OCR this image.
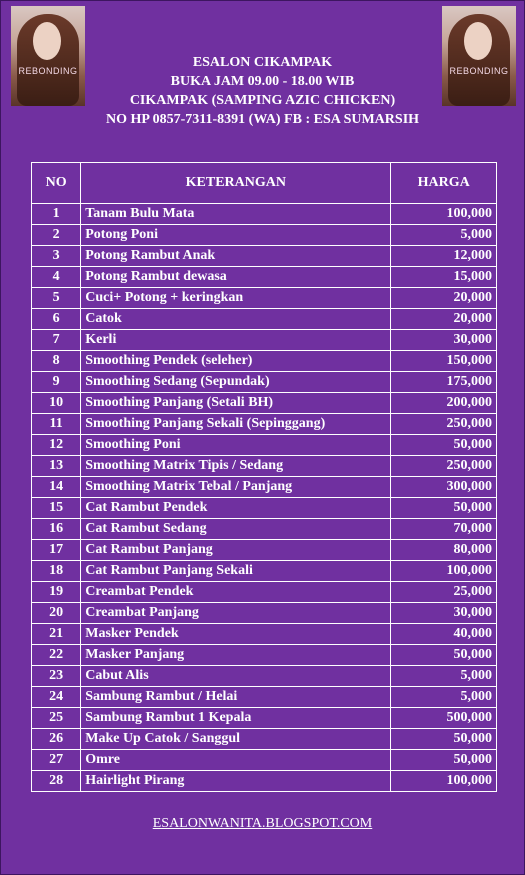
REBONDING	REBONDING
ESALON CIKAMPAK
BUKA JAM 09.00 - 18.00 WIB
CIKAMPAK (SAMPING AZIC CHICKEN)
NO HP 0857-7311-8391 (WA) FB : ESA SUMARSIH
NO	KETERANGAN	HARGA
1	Tanam Bulu Mata	100,000
2	Potong Poni	5,000
3	Potong Rambut Anak	12,000
4	Potong Rambut dewasa	15,000
5	Cuci+ Potong + keringkan	20,000
6	Catok	20,000
7	Kerli	30,000
8	Smoothing Pendek (seleher)	150,000
9	Smoothing Sedang (Sepundak)	175,000
10	Smoothing Panjang (Setali BH)	200,000
11	Smoothing Panjang Sekali (Sepinggang)	250,000
12	Smoothing Poni	50,000
13	Smoothing Matrix Tipis / Sedang	250,000
14	Smoothing Matrix Tebal / Panjang	300,000
15	Cat Rambut Pendek	50,000
16	Cat Rambut Sedang	70,000
17	Cat Rambut Panjang	80,000
18	Cat Rambut Panjang Sekali	100,000
19	Creambat Pendek	25,000
20	Creambat Panjang	30,000
21	Masker Pendek	40,000
22	Masker Panjang	50,000
23	Cabut Alis	5,000
24	Sambung Rambut / Helai	5,000
25	Sambung Rambut 1 Kepala	500,000
26	Make Up Catok / Sanggul	50,000
27	Omre	50,000
28	Hairlight Pirang	100,000
ESALONWANITA.BLOGSPOT.COM
